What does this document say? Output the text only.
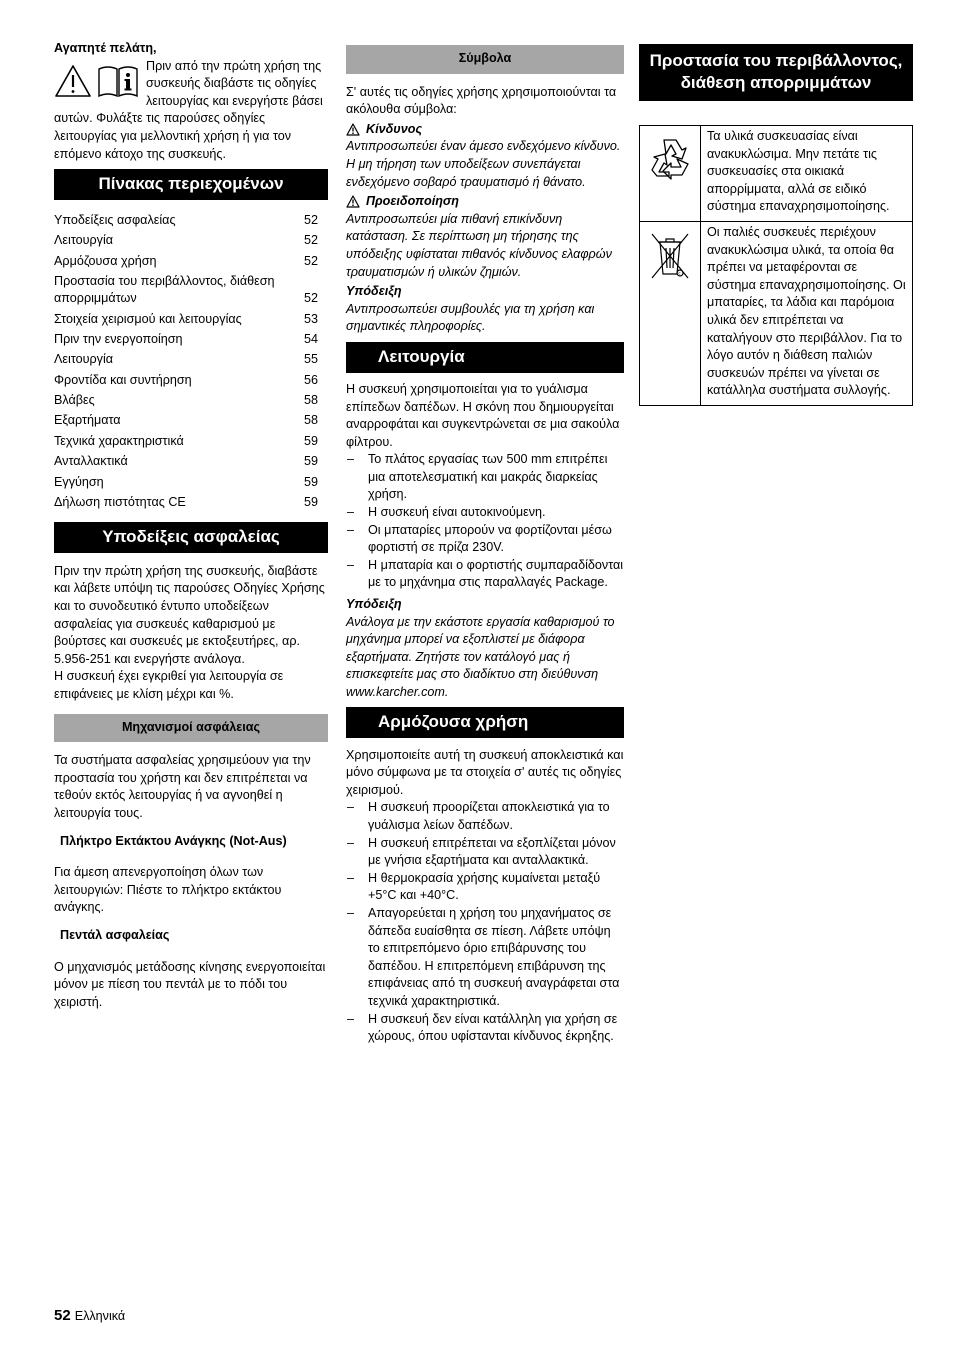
Αγαπητέ πελάτη,

Πριν από την πρώτη χρήση της συσκευής διαβάστε τις οδηγίες λειτουργίας και ενεργήστε βάσει αυτών. Φυλάξτε τις παρούσες οδηγίες λειτουργίας για μελλοντική χρήση ή για τον επόμενο κάτοχο της συσκευής.

Πίνακας περιεχομένων
Υποδείξεις ασφαλείας	52
Λειτουργία	52
Αρμόζουσα χρήση	52
Προστασία του περιβάλλοντος, διάθεση απορριμμάτων	52
Στοιχεία χειρισμού και λειτουργίας	53
Πριν την ενεργοποίηση	54
Λειτουργία	55
Φροντίδα και συντήρηση	56
Βλάβες	58
Εξαρτήματα	58
Τεχνικά χαρακτηριστικά	59
Ανταλλακτικά	59
Εγγύηση	59
Δήλωση πιστότητας CE	59
Υποδείξεις ασφαλείας

Πριν την πρώτη χρήση της συσκευής, διαβάστε και λάβετε υπόψη τις παρούσες Οδηγίες Χρήσης και το συνοδευτικό έντυπο υποδείξεων ασφαλείας για συσκευές καθαρισμού με βούρτσες και συσκευές με εκτοξευτήρες, αρ. 5.956-251 και ενεργήστε ανάλογα.

Η συσκευή έχει εγκριθεί για λειτουργία σε επιφάνειες με κλίση μέχρι και %.

Μηχανισμοί ασφάλειας

Τα συστήματα ασφαλείας χρησιμεύουν για την προστασία του χρήστη και δεν επιτρέπεται να τεθούν εκτός λειτουργίας ή να αγνοηθεί η λειτουργία τους.

Πλήκτρο Εκτάκτου Ανάγκης (Not-Aus)

Για άμεση απενεργοποίηση όλων των λειτουργιών: Πιέστε το πλήκτρο εκτάκτου ανάγκης.

Πεντάλ ασφαλείας

Ο μηχανισμός μετάδοσης κίνησης ενεργοποιείται μόνον με πίεση του πεντάλ με το πόδι του χειριστή.

Σύμβολα

Σ' αυτές τις οδηγίες χρήσης χρησιμοποιούνται τα ακόλουθα σύμβολα:

Κίνδυνος

Αντιπροσωπεύει έναν άμεσο ενδεχόμενο κίνδυνο. Η μη τήρηση των υποδείξεων συνεπάγεται ενδεχόμενο σοβαρό τραυματισμό ή θάνατο.

Προειδοποίηση

Αντιπροσωπεύει μία πιθανή επικίνδυνη κατάσταση. Σε περίπτωση μη τήρησης της υπόδειξης υφίσταται πιθανός κίνδυνος ελαφρών τραυματισμών ή υλικών ζημιών.

Υπόδειξη

Αντιπροσωπεύει συμβουλές για τη χρήση και σημαντικές πληροφορίες.

Λειτουργία

Η συσκευή χρησιμοποιείται για το γυάλισμα επίπεδων δαπέδων. Η σκόνη που δημιουργείται αναρροφάται και συγκεντρώνεται σε μια σακούλα φίλτρου.

– Το πλάτος εργασίας των 500 mm επιτρέπει μια αποτελεσματική και μακράς διαρκείας χρήση.
– Η συσκευή είναι αυτοκινούμενη.
– Οι μπαταρίες μπορούν να φορτίζονται μέσω φορτιστή σε πρίζα 230V.
– Η μπαταρία και ο φορτιστής συμπαραδίδονται με το μηχάνημα στις παραλλαγές Package.
Υπόδειξη

Ανάλογα με την εκάστοτε εργασία καθαρισμού το μηχάνημα μπορεί να εξοπλιστεί με διάφορα εξαρτήματα. Ζητήστε τον κατάλογό μας ή επισκεφτείτε μας στο διαδίκτυο στη διεύθυνση www.karcher.com.

Αρμόζουσα χρήση

Χρησιμοποιείτε αυτή τη συσκευή αποκλειστικά και μόνο σύμφωνα με τα στοιχεία σ' αυτές τις οδηγίες χειρισμού.

– Η συσκευή προορίζεται αποκλειστικά για το γυάλισμα λείων δαπέδων.
– Η συσκευή επιτρέπεται να εξοπλίζεται μόνον με γνήσια εξαρτήματα και ανταλλακτικά.
– Η θερμοκρασία χρήσης κυμαίνεται μεταξύ +5°C και +40°C.
– Απαγορεύεται η χρήση του μηχανήματος σε δάπεδα ευαίσθητα σε πίεση. Λάβετε υπόψη το επιτρεπόμενο όριο επιβάρυνσης του δαπέδου. Η επιτρεπόμενη επιβάρυνση της επιφάνειας από τη συσκευή αναγράφεται στα τεχνικά χαρακτηριστικά.
– Η συσκευή δεν είναι κατάλληλη για χρήση σε χώρους, όπου υφίστανται κίνδυνος έκρηξης.
Προστασία του περιβάλλοντος, διάθεση απορριμμάτων
	Τα υλικά συσκευασίας είναι ανακυκλώσιμα. Μην πετάτε τις συσκευασίες στα οικιακά απορρίμματα, αλλά σε ειδικό σύστημα επαναχρησιμοποίησης.

c	Οι παλιές συσκευές περιέχουν ανακυκλώσιμα υλικά, τα οποία θα πρέπει να μεταφέρονται σε σύστημα επαναχρησιμοποίησης. Οι μπαταρίες, τα λάδια και παρόμοια υλικά δεν επιτρέπεται να καταλήγουν στο περιβάλλον. Για το λόγο αυτόν η διάθεση παλιών συσκευών πρέπει να γίνεται σε κατάλληλα συστήματα συλλογής.
52 Ελληνικά
